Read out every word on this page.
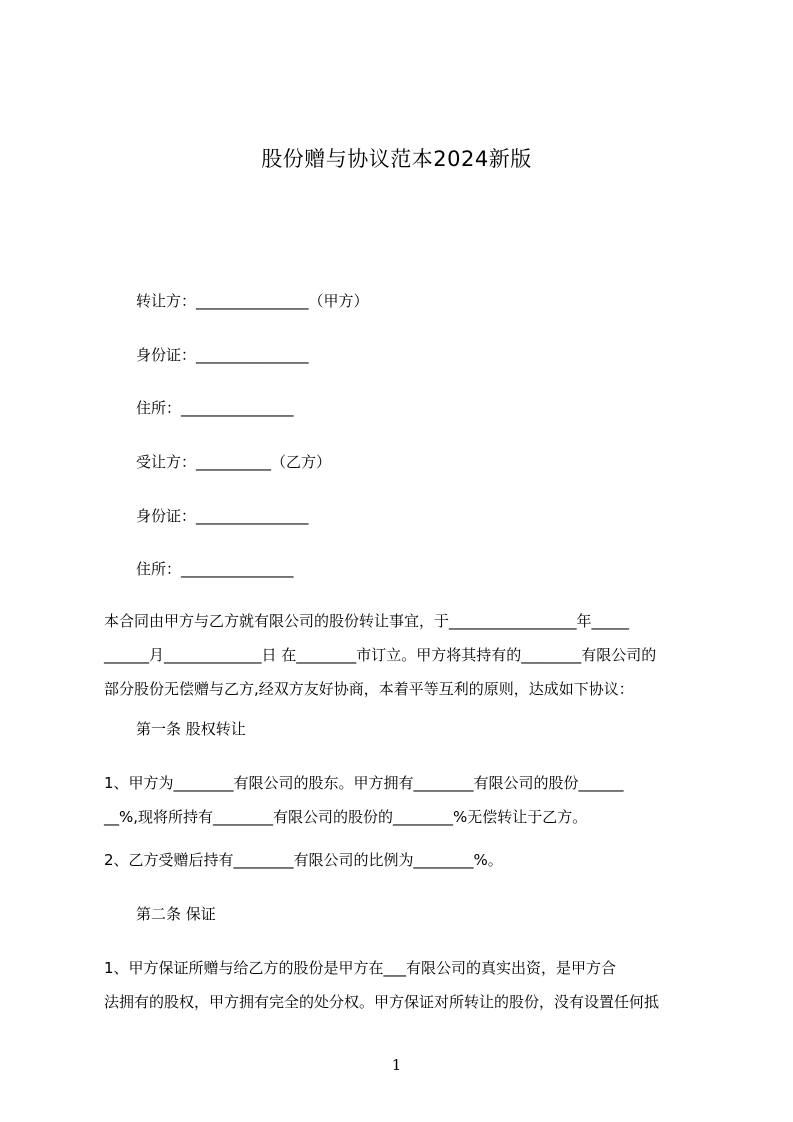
股份赠与协议范本2024新版
转让方：_______________（甲方）
身份证：_______________
住所：_______________
受让方：__________（乙方）
身份证：_______________
住所：_______________
本合同由甲方与乙方就有限公司的股份转让事宜，于_________________年_____
______月_____________日 在________市订立。甲方将其持有的________有限公司的
部分股份无偿赠与乙方,经双方友好协商，本着平等互利的原则，达成如下协议：
第一条 股权转让
1、甲方为________有限公司的股东。甲方拥有________有限公司的股份______
__%,现将所持有________有限公司的股份的________%无偿转让于乙方。
2、乙方受赠后持有________有限公司的比例为________%。
第二条 保证
1、甲方保证所赠与给乙方的股份是甲方在___有限公司的真实出资，是甲方合
法拥有的股权，甲方拥有完全的处分权。甲方保证对所转让的股份，没有设置任何抵
1
